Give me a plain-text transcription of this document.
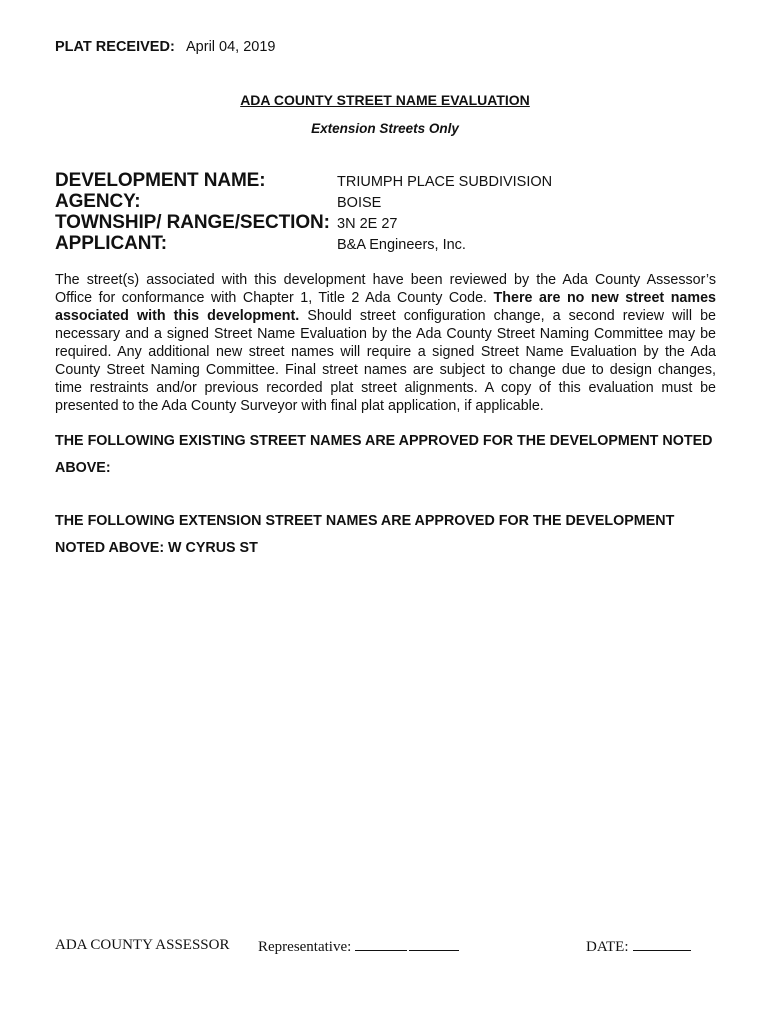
PLAT RECEIVED: April 04, 2019
ADA COUNTY STREET NAME EVALUATION
Extension Streets Only
DEVELOPMENT NAME:	TRIUMPH PLACE SUBDIVISION
AGENCY:	BOISE
TOWNSHIP/ RANGE/SECTION: 3N 2E 27
APPLICANT:	B&A Engineers, Inc.
The street(s) associated with this development have been reviewed by the Ada County Assessor’s Office for conformance with Chapter 1, Title 2 Ada County Code. There are no new street names associated with this development. Should street configuration change, a second review will be necessary and a signed Street Name Evaluation by the Ada County Street Naming Committee may be required. Any additional new street names will require a signed Street Name Evaluation by the Ada County Street Naming Committee. Final street names are subject to change due to design changes, time restraints and/or previous recorded plat street alignments. A copy of this evaluation must be presented to the Ada County Surveyor with final plat application, if applicable.
THE FOLLOWING EXISTING STREET NAMES ARE APPROVED FOR THE DEVELOPMENT NOTED ABOVE:
THE FOLLOWING EXTENSION STREET NAMES ARE APPROVED FOR THE DEVELOPMENT NOTED ABOVE: W CYRUS ST
ADA COUNTY ASSESSOR Representative:	DATE:
